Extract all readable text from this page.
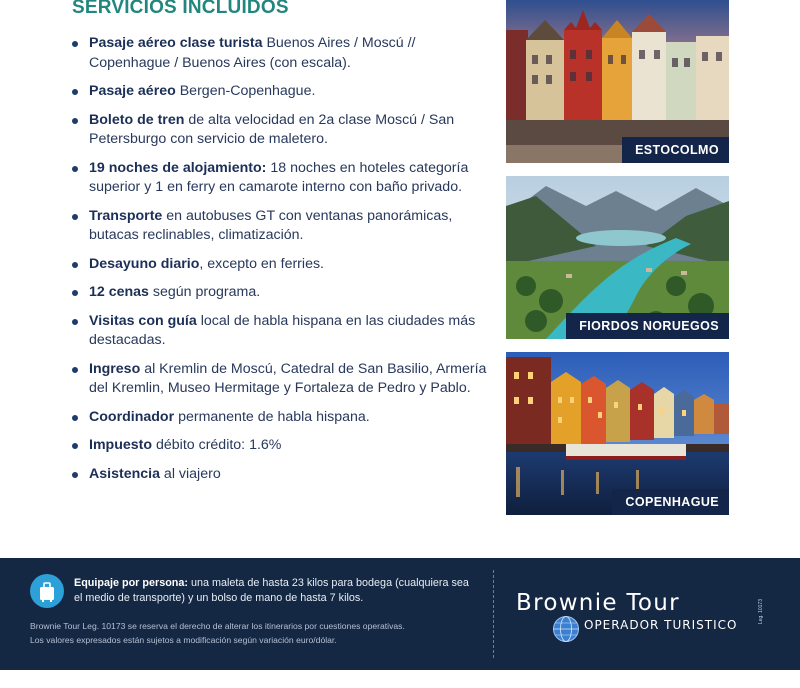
SERVICIOS INCLUIDOS
Pasaje aéreo clase turista Buenos Aires / Moscú // Copenhague / Buenos Aires (con escala).
Pasaje aéreo Bergen-Copenhague.
Boleto de tren de alta velocidad en 2a clase Moscú / San Petersburgo con servicio de maletero.
19 noches de alojamiento: 18 noches en hoteles categoría superior y 1 en ferry en camarote interno con baño privado.
Transporte en autobuses GT con ventanas panorámicas, butacas reclinables, climatización.
Desayuno diario, excepto en ferries.
12 cenas según programa.
Visitas con guía local de habla hispana en las ciudades más destacadas.
Ingreso al Kremlin de Moscú, Catedral de San Basilio, Armería del Kremlin, Museo Hermitage y Fortaleza de Pedro y Pablo.
Coordinador permanente de habla hispana.
Impuesto débito crédito: 1.6%
Asistencia al viajero
ESTOCOLMO
FIORDOS NORUEGOS
COPENHAGUE
Equipaje por persona: una maleta de hasta 23 kilos para bodega (cualquiera sea el medio de transporte) y un bolso de mano de hasta 7 kilos.
Brownie Tour Leg. 10173 se reserva el derecho de alterar los itinerarios por cuestiones operativas.
Los valores expresados están sujetos a modificación según variación euro/dólar.
Brownie Tour
OPERADOR TURISTICO
Leg. 10173
